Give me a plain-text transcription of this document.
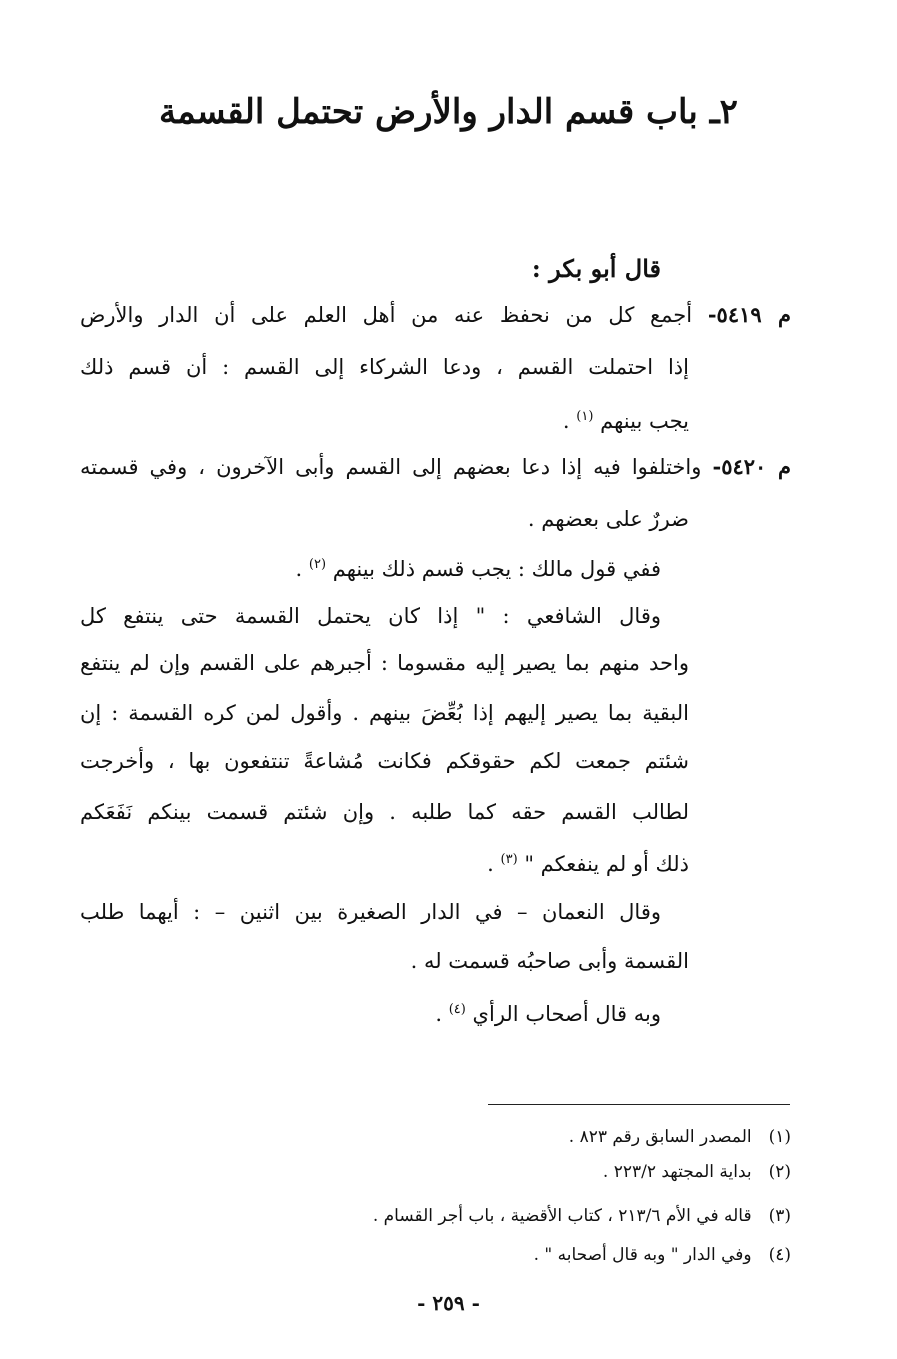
٢ـ باب قسم الدار والأرض تحتمل القسمة

قال أبو بكر :

م ٥٤١٩- أجمع كل من نحفظ عنه من أهل العلم على أن الدار والأرض

إذا احتملت القسم ، ودعا الشركاء إلى القسم : أن قسم ذلك

يجب بينهم $^{(١)}$ .

م ٥٤٢٠- واختلفوا فيه إذا دعا بعضهم إلى القسم وأبى الآخرون ، وفي قسمته

ضررٌ على بعضهم .

ففي قول مالك : يجب قسم ذلك بينهم $^{(٢)}$ .

وقال الشافعي : " إذا كان يحتمل القسمة حتى ينتفع كل

واحد منهم بما يصير إليه مقسوما : أجبرهم على القسم وإن لم ينتفع

البقية بما يصير إليهم إذا بُعِّضَ بينهم . وأقول لمن كره القسمة : إن

شئتم جمعت لكم حقوقكم فكانت مُشاعةً تنتفعون بها ، وأخرجت

لطالب القسم حقه كما طلبه . وإن شئتم قسمت بينكم نَفَعَكم

ذلك أو لم ينفعكم " $^{(٣)}$ .

وقال النعمان – في الدار الصغيرة بين اثنين – : أيهما طلب

القسمة وأبى صاحبُه قسمت له .

وبه قال أصحاب الرأي $^{(٤)}$ .

(١) المصدر السابق رقم ٨٢٣ .

(٢) بداية المجتهد ٢٢٣/٢ .

(٣) قاله في الأم ٢١٣/٦ ، كتاب الأقضية ، باب أجر القسام .

(٤) وفي الدار " وبه قال أصحابه " .

- ٢٥٩ -
